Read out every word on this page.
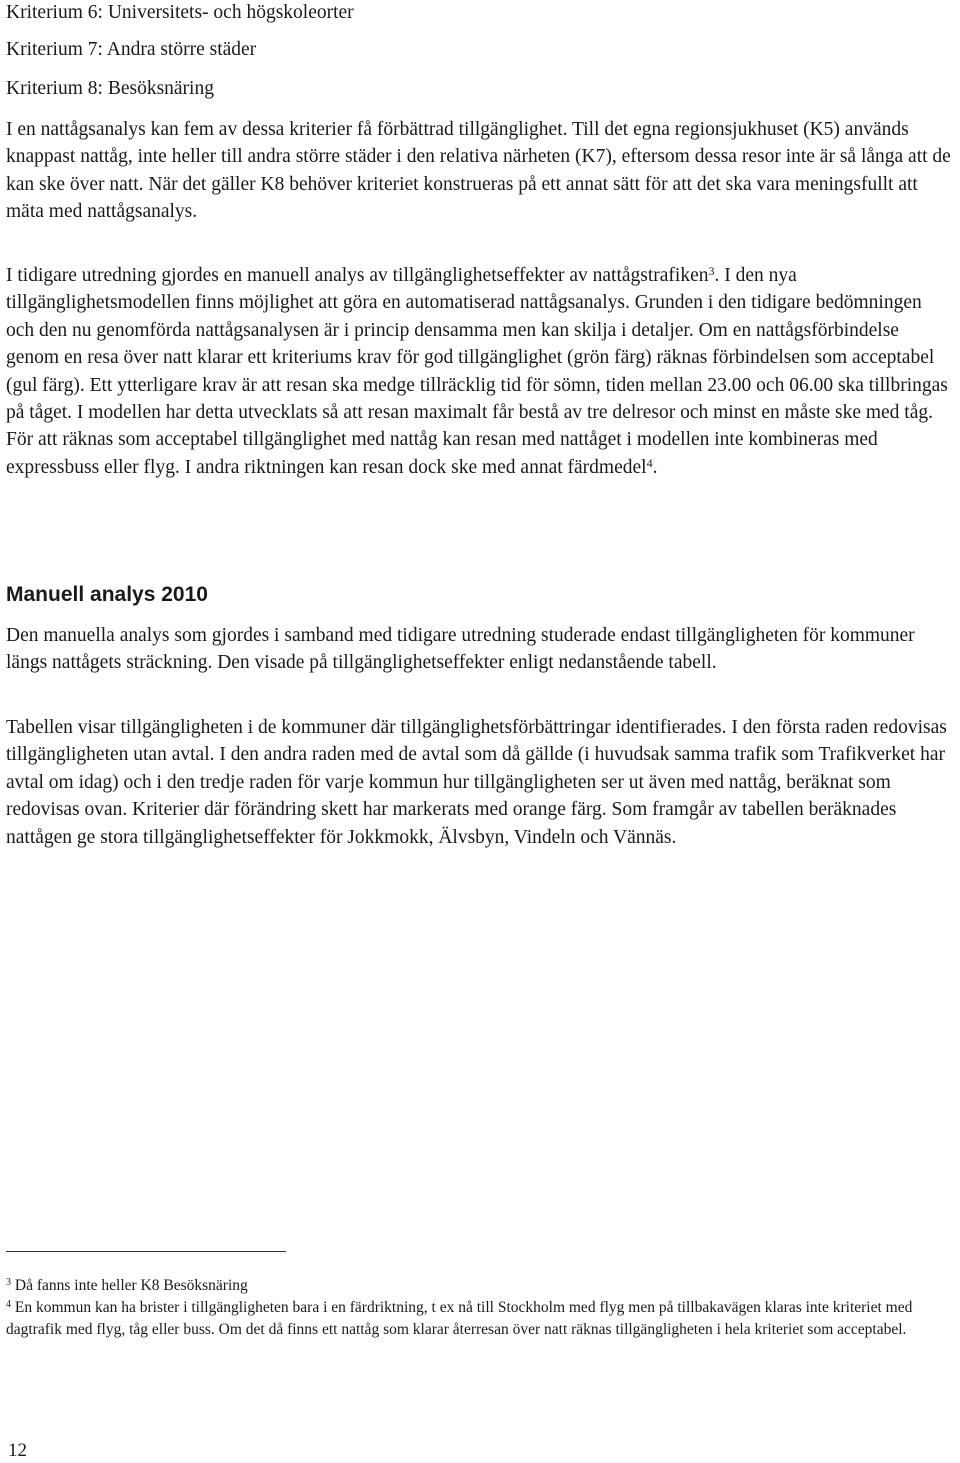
Kriterium 6: Universitets- och högskoleorter

Kriterium 7: Andra större städer

Kriterium 8: Besöksnäring

I en nattågsanalys kan fem av dessa kriterier få förbättrad tillgänglighet. Till det egna regionsjukhuset (K5) används knappast nattåg, inte heller till andra större städer i den relativa närheten (K7), eftersom dessa resor inte är så långa att de kan ske över natt. När det gäller K8 behöver kriteriet konstrueras på ett annat sätt för att det ska vara meningsfullt att mäta med nattågsanalys.

I tidigare utredning gjordes en manuell analys av tillgänglighetseffekter av nattågstrafiken$^3$. I den nya tillgänglighetsmodellen finns möjlighet att göra en automatiserad nattågsanalys. Grunden i den tidigare bedömningen och den nu genomförda nattågsanalysen är i princip densamma men kan skilja i detaljer. Om en nattågsförbindelse genom en resa över natt klarar ett kriteriums krav för god tillgänglighet (grön färg) räknas förbindelsen som acceptabel (gul färg). Ett ytterligare krav är att resan ska medge tillräcklig tid för sömn, tiden mellan 23.00 och 06.00 ska tillbringas på tåget. I modellen har detta utvecklats så att resan maximalt får bestå av tre delresor och minst en måste ske med tåg. För att räknas som acceptabel tillgänglighet med nattåg kan resan med nattåget i modellen inte kombineras med expressbuss eller flyg. I andra riktningen kan resan dock ske med annat färdmedel$^4$.

Manuell analys 2010

Den manuella analys som gjordes i samband med tidigare utredning studerade endast tillgängligheten för kommuner längs nattågets sträckning. Den visade på tillgänglighetseffekter enligt nedanstående tabell.

Tabellen visar tillgängligheten i de kommuner där tillgänglighetsförbättringar identifierades. I den första raden redovisas tillgängligheten utan avtal. I den andra raden med de avtal som då gällde (i huvudsak samma trafik som Trafikverket har avtal om idag) och i den tredje raden för varje kommun hur tillgängligheten ser ut även med nattåg, beräknat som redovisas ovan. Kriterier där förändring skett har markerats med orange färg. Som framgår av tabellen beräknades nattågen ge stora tillgänglighetseffekter för Jokkmokk, Älvsbyn, Vindeln och Vännäs.

$^3$ Då fanns inte heller K8 Besöksnäring

$^4$ En kommun kan ha brister i tillgängligheten bara i en färdriktning, t ex nå till Stockholm med flyg men på tillbakavägen klaras inte kriteriet med dagtrafik med flyg, tåg eller buss. Om det då finns ett nattåg som klarar återresan över natt räknas tillgängligheten i hela kriteriet som acceptabel.

12
